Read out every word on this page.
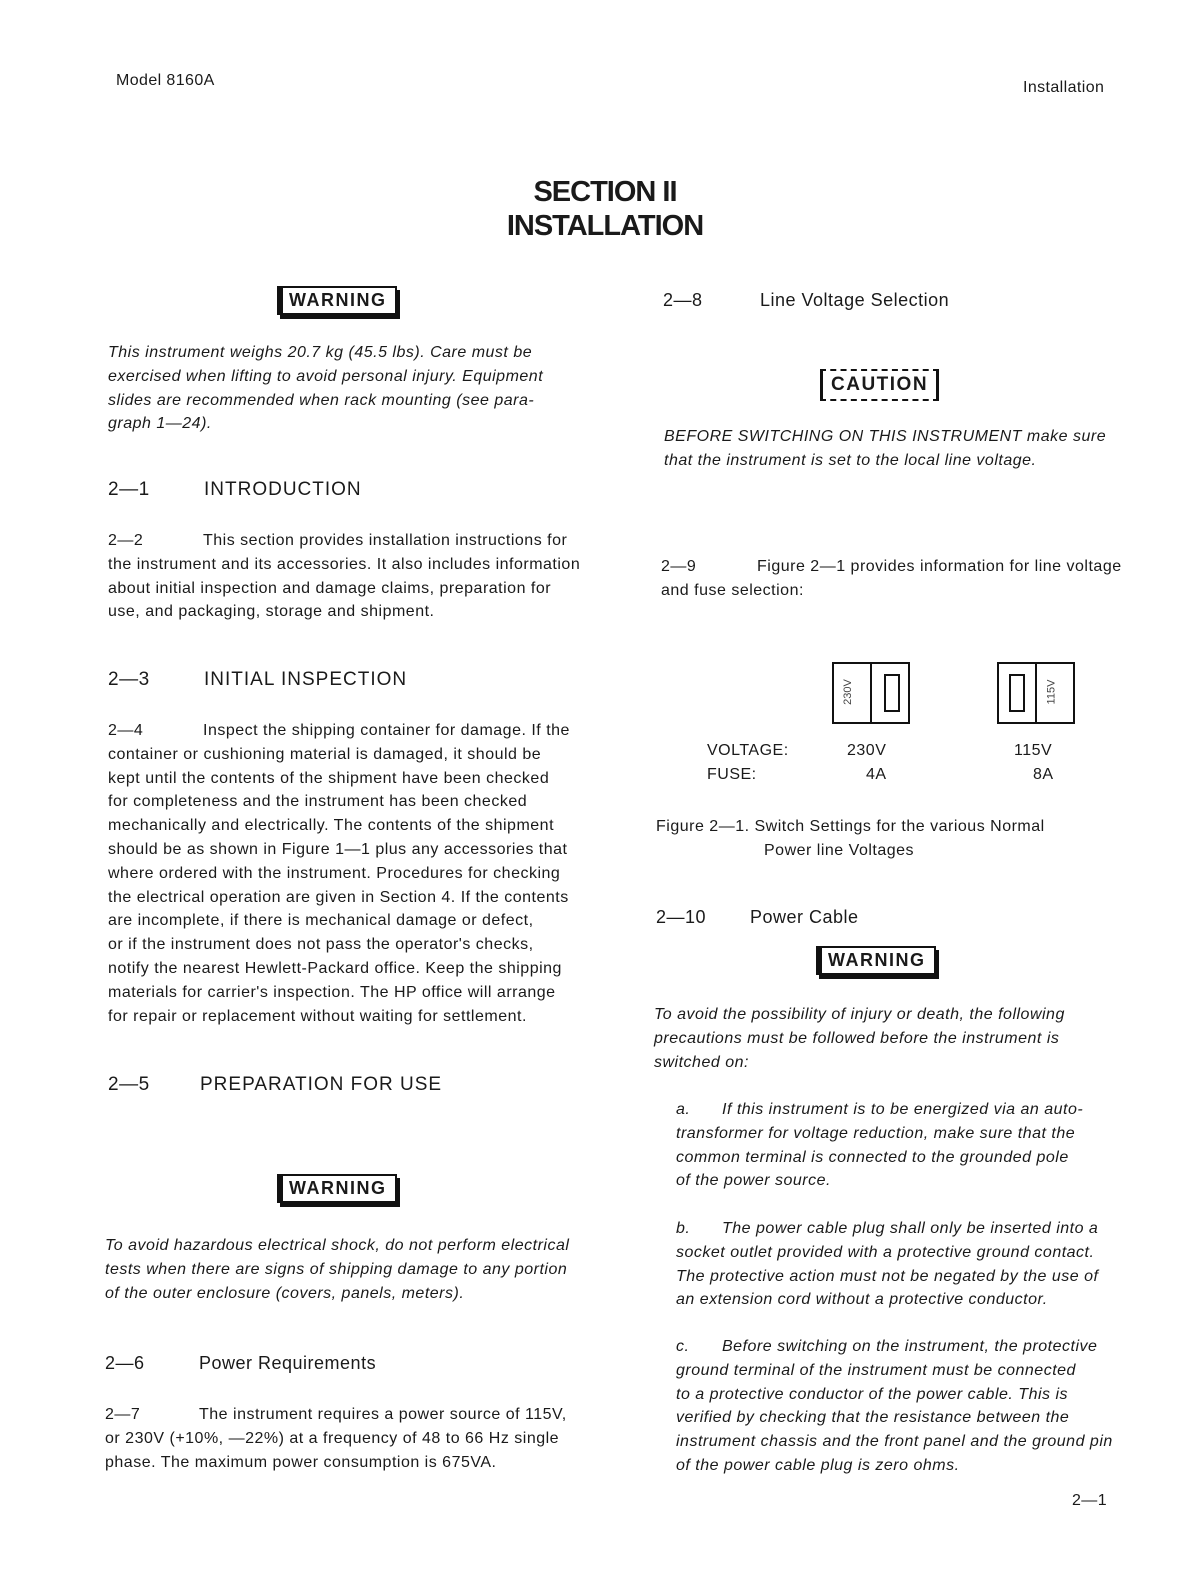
Model 8160A	Installation
SECTION II
INSTALLATION
WARNING
This instrument weighs 20.7 kg (45.5 lbs). Care must be
exercised when lifting to avoid personal injury. Equipment
slides are recommended when rack mounting (see para-
graph 1—24).
2—1	INTRODUCTION
2—2	This section provides installation instructions for
the instrument and its accessories. It also includes information
about initial inspection and damage claims, preparation for
use, and packaging, storage and shipment.
2—3	INITIAL INSPECTION
2—4	Inspect the shipping container for damage. If the
container or cushioning material is damaged, it should be
kept until the contents of the shipment have been checked
for completeness and the instrument has been checked
mechanically and electrically. The contents of the shipment
should be as shown in Figure 1—1 plus any accessories that
where ordered with the instrument. Procedures for checking
the electrical operation are given in Section 4. If the contents
are incomplete, if there is mechanical damage or defect,
or if the instrument does not pass the operator's checks,
notify the nearest Hewlett-Packard office. Keep the shipping
materials for carrier's inspection. The HP office will arrange
for repair or replacement without waiting for settlement.
2—5	PREPARATION FOR USE
WARNING
To avoid hazardous electrical shock, do not perform electrical
tests when there are signs of shipping damage to any portion
of the outer enclosure (covers, panels, meters).
2—6	Power Requirements
2—7	The instrument requires a power source of 115V,
or 230V (+10%, —22%) at a frequency of 48 to 66 Hz single
phase. The maximum power consumption is 675VA.
2—8	Line Voltage Selection
CAUTION
BEFORE SWITCHING ON THIS INSTRUMENT make sure
that the instrument is set to the local line voltage.
2—9	Figure 2—1 provides information for line voltage
and fuse selection:
230V	115V
VOLTAGE:	230V	115V
FUSE:	4A	8A
Figure 2—1. Switch Settings for the various Normal
Power line Voltages
2—10 Power Cable
WARNING
To avoid the possibility of injury or death, the following
precautions must be followed before the instrument is
switched on:
a. If this instrument is to be energized via an auto-
transformer for voltage reduction, make sure that the
common terminal is connected to the grounded pole
of the power source.
b. The power cable plug shall only be inserted into a
socket outlet provided with a protective ground contact.
The protective action must not be negated by the use of
an extension cord without a protective conductor.
c. Before switching on the instrument, the protective
ground terminal of the instrument must be connected
to a protective conductor of the power cable. This is
verified by checking that the resistance between the
instrument chassis and the front panel and the ground pin
of the power cable plug is zero ohms.
2—1
